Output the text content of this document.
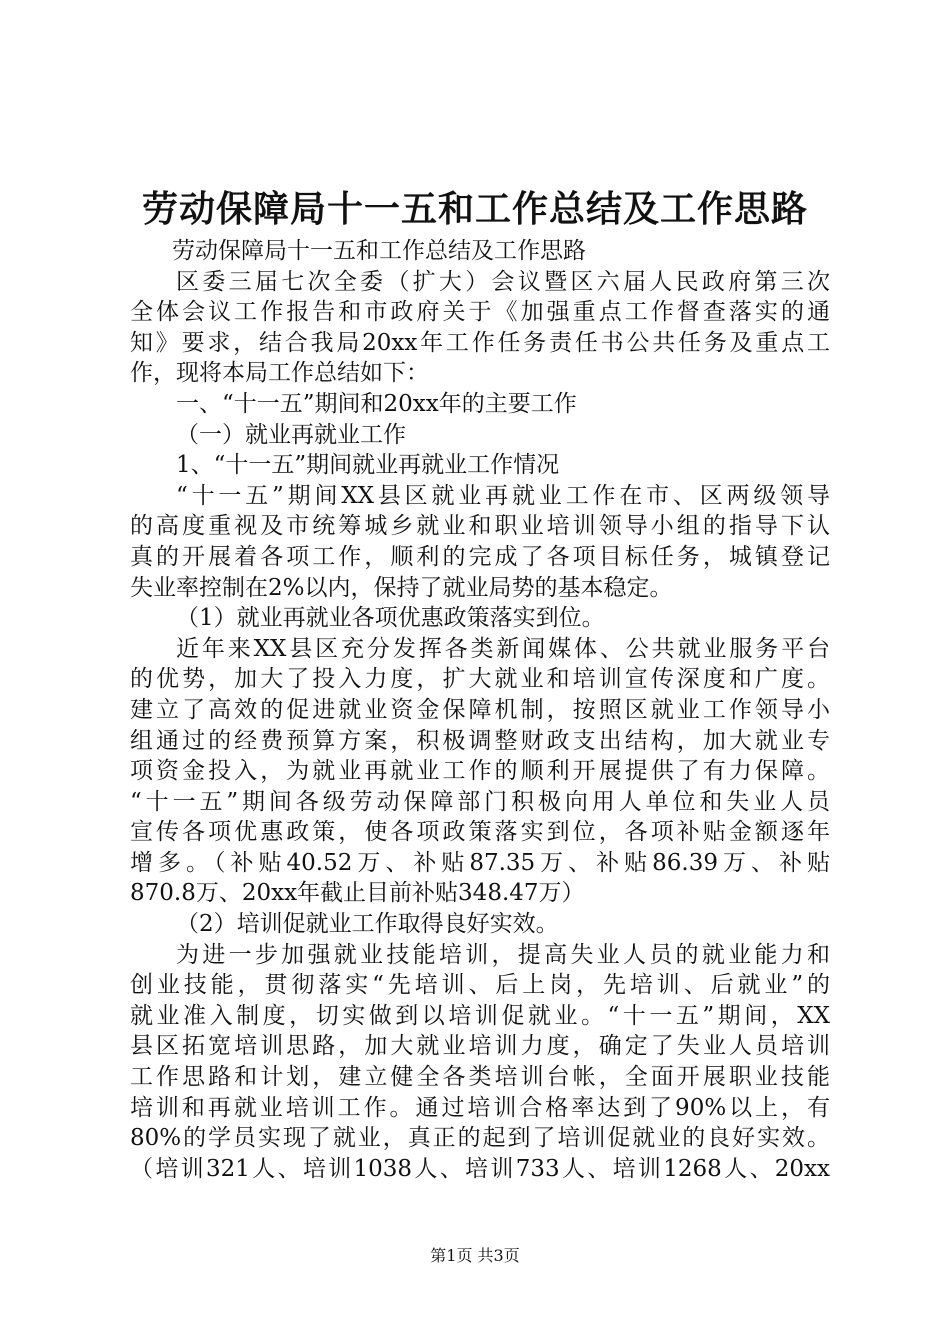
劳动保障局十一五和工作总结及工作思路
劳动保障局十一五和工作总结及工作思路
区委三届七次全委（扩大）会议暨区六届人民政府第三次
全体会议工作报告和市政府关于《加强重点工作督查落实的通
知》要求，结合我局20xx年工作任务责任书公共任务及重点工
作，现将本局工作总结如下：
一、“十一五”期间和20xx年的主要工作
（一）就业再就业工作
1、“十一五”期间就业再就业工作情况
“十一五”期间XX县区就业再就业工作在市、区两级领导
的高度重视及市统筹城乡就业和职业培训领导小组的指导下认
真的开展着各项工作，顺利的完成了各项目标任务，城镇登记
失业率控制在2%以内，保持了就业局势的基本稳定。
（1）就业再就业各项优惠政策落实到位。
近年来XX县区充分发挥各类新闻媒体、公共就业服务平台
的优势，加大了投入力度，扩大就业和培训宣传深度和广度。
建立了高效的促进就业资金保障机制，按照区就业工作领导小
组通过的经费预算方案，积极调整财政支出结构，加大就业专
项资金投入，为就业再就业工作的顺利开展提供了有力保障。
“十一五”期间各级劳动保障部门积极向用人单位和失业人员
宣传各项优惠政策，使各项政策落实到位，各项补贴金额逐年
增多。（补贴40.52万、补贴87.35万、补贴86.39万、补贴
870.8万、20xx年截止目前补贴348.47万）
（2）培训促就业工作取得良好实效。
为进一步加强就业技能培训，提高失业人员的就业能力和
创业技能，贯彻落实“先培训、后上岗，先培训、后就业”的
就业准入制度，切实做到以培训促就业。“十一五”期间，XX
县区拓宽培训思路，加大就业培训力度，确定了失业人员培训
工作思路和计划，建立健全各类培训台帐，全面开展职业技能
培训和再就业培训工作。通过培训合格率达到了90%以上，有
80%的学员实现了就业，真正的起到了培训促就业的良好实效。
（培训321人、培训1038人、培训733人、培训1268人、20xx
第1页 共3页
